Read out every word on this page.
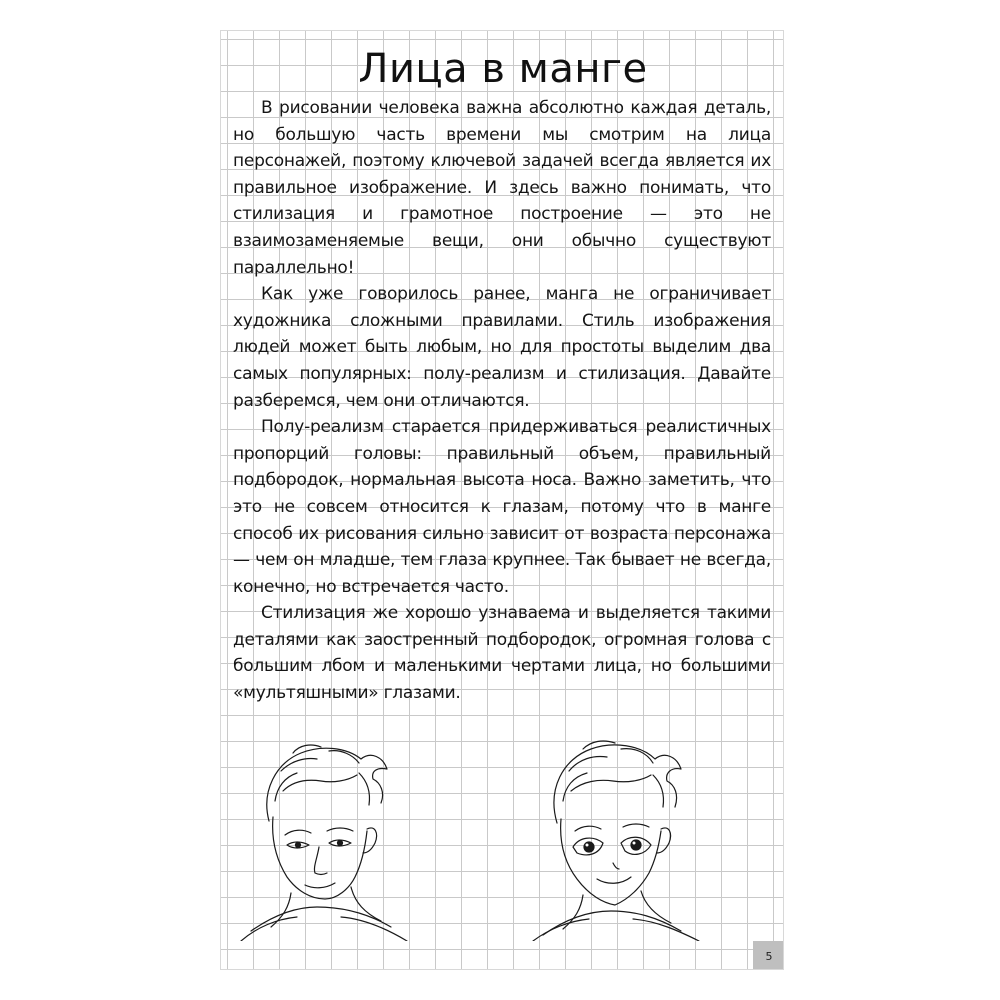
Лица в манге

В рисовании человека важна абсолютно каждая деталь, но большую часть времени мы смотрим на лица персонажей, поэтому ключевой задачей всегда является их правильное изображение. И здесь важно понимать, что стилизация и грамотное построение — это не взаимозаменяемые вещи, они обычно существуют параллельно!

Как уже говорилось ранее, манга не ограничивает художника сложными правилами. Стиль изображения людей может быть любым, но для простоты выделим два самых популярных: полу-реализм и стилизация. Давайте разберемся, чем они отличаются.

Полу-реализм старается придерживаться реалистичных пропорций головы: правильный объем, правильный подбородок, нормальная высота носа. Важно заметить, что это не совсем относится к глазам, потому что в манге способ их рисования сильно зависит от возраста персонажа — чем он младше, тем глаза крупнее. Так бывает не всегда, конечно, но встречается часто.

Стилизация же хорошо узнаваема и выделяется такими деталями как заостренный подбородок, огромная голова с большим лбом и маленькими чертами лица, но большими «мультяшными» глазами.

5
